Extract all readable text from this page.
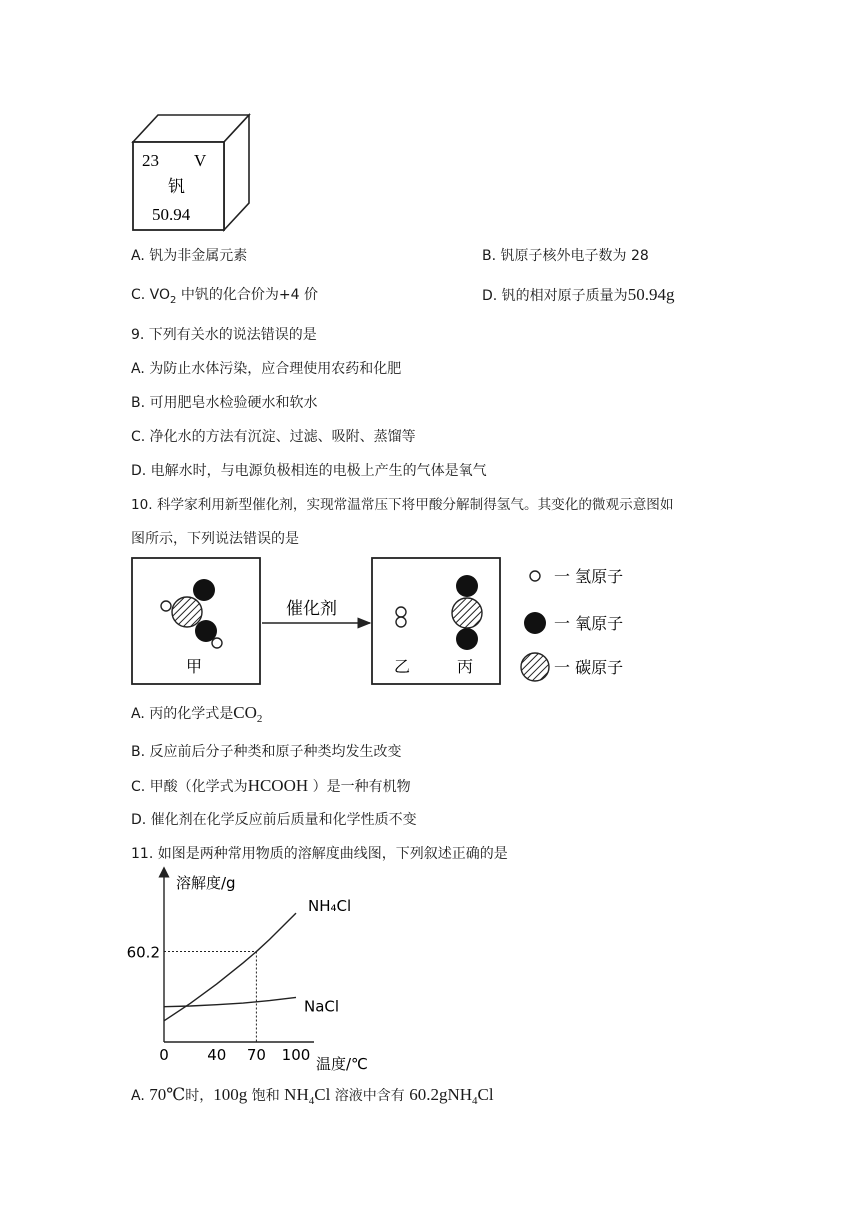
23 V
钒
50.94
A. 钒为非金属元素	B. 钒原子核外电子数为 28
C. $VO_2$ 中钒的化合价为+4 价	D. 钒的相对原子质量为50.94g
9. 下列有关水的说法错误的是
A. 为防止水体污染，应合理使用农药和化肥
B. 可用肥皂水检验硬水和软水
C. 净化水的方法有沉淀、过滤、吸附、蒸馏等
D. 电解水时，与电源负极相连的电极上产生的气体是氧气
10. 科学家利用新型催化剂，实现常温常压下将甲酸分解制得氢气。其变化的微观示意图如
图所示，下列说法错误的是
甲
催化剂
乙	丙
一 氢原子
一 氧原子
一 碳原子
A. 丙的化学式是$CO_2$
B. 反应前后分子种类和原子种类均发生改变
C. 甲酸（化学式为HCOOH ）是一种有机物
D. 催化剂在化学反应前后质量和化学性质不变
11. 如图是两种常用物质的溶解度曲线图，下列叙述正确的是
溶解度/g
温度/℃
NH₄Cl
NaCl
0	40 70 100
60.2
A. 70℃时，100g 饱和 $NH_4Cl$ 溶液中含有 60.2gNH$_4$Cl
